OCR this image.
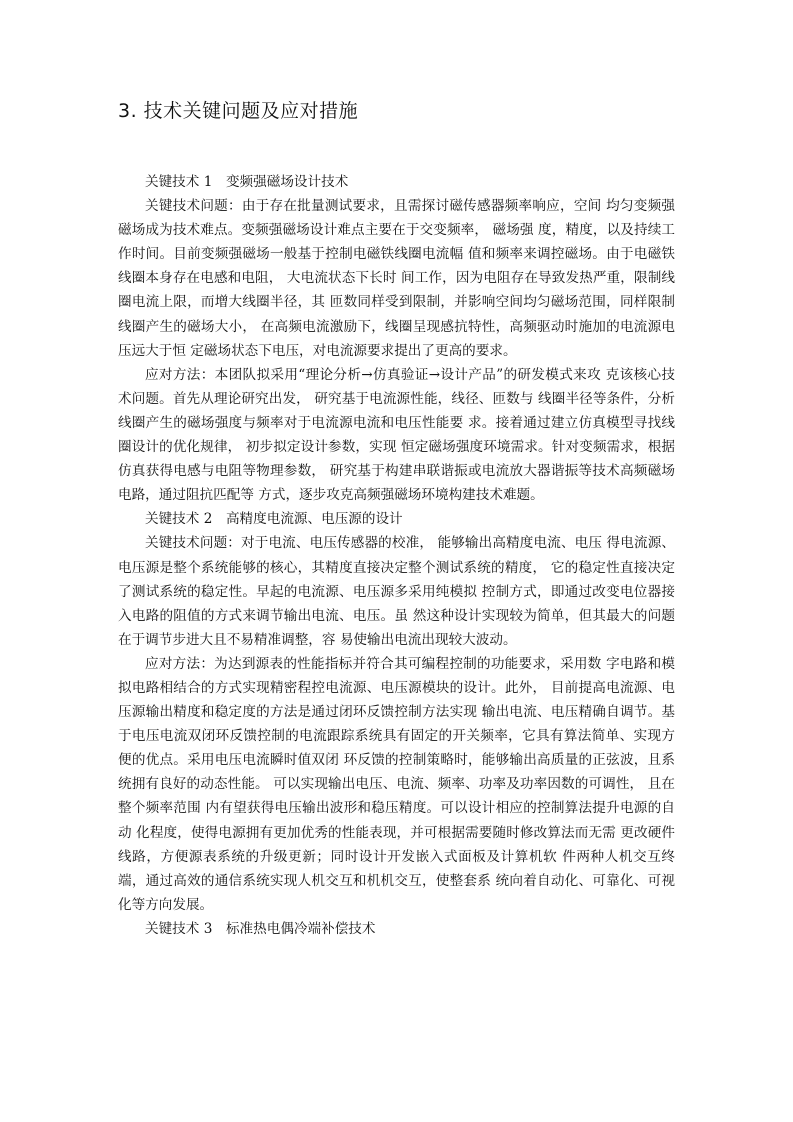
3. 技术关键问题及应对措施

关键技术 1　变频强磁场设计技术

关键技术问题：由于存在批量测试要求，且需探讨磁传感器频率响应，空间 均匀变频强磁场成为技术难点。变频强磁场设计难点主要在于交变频率， 磁场强 度，精度，以及持续工作时间。目前变频强磁场一般基于控制电磁铁线圈电流幅 值和频率来调控磁场。由于电磁铁线圈本身存在电感和电阻， 大电流状态下长时 间工作，因为电阻存在导致发热严重，限制线圈电流上限，而增大线圈半径，其 匝数同样受到限制，并影响空间均匀磁场范围，同样限制线圈产生的磁场大小， 在高频电流激励下，线圈呈现感抗特性，高频驱动时施加的电流源电压远大于恒 定磁场状态下电压，对电流源要求提出了更高的要求。

应对方法：本团队拟采用“理论分析→仿真验证→设计产品”的研发模式来攻 克该核心技术问题。首先从理论研究出发， 研究基于电流源性能，线径、匝数与 线圈半径等条件，分析线圈产生的磁场强度与频率对于电流源电流和电压性能要 求。接着通过建立仿真模型寻找线圈设计的优化规律， 初步拟定设计参数，实现 恒定磁场强度环境需求。针对变频需求，根据仿真获得电感与电阻等物理参数， 研究基于构建串联谐振或电流放大器谐振等技术高频磁场电路，通过阻抗匹配等 方式，逐步攻克高频强磁场环境构建技术难题。

关键技术 2　高精度电流源、电压源的设计

关键技术问题：对于电流、电压传感器的校准， 能够输出高精度电流、电压 得电流源、电压源是整个系统能够的核心，其精度直接决定整个测试系统的精度， 它的稳定性直接决定了测试系统的稳定性。早起的电流源、电压源多采用纯模拟 控制方式，即通过改变电位器接入电路的阻值的方式来调节输出电流、电压。虽 然这种设计实现较为简单，但其最大的问题在于调节步进大且不易精准调整，容 易使输出电流出现较大波动。

应对方法：为达到源表的性能指标并符合其可编程控制的功能要求，采用数 字电路和模拟电路相结合的方式实现精密程控电流源、电压源模块的设计。此外， 目前提高电流源、电压源输出精度和稳定度的方法是通过闭环反馈控制方法实现 输出电流、电压精确自调节。基于电压电流双闭环反馈控制的电流跟踪系统具有固定的开关频率，它具有算法简单、实现方便的优点。采用电压电流瞬时值双闭 环反馈的控制策略时，能够输出高质量的正弦波，且系统拥有良好的动态性能。 可以实现输出电压、电流、频率、功率及功率因数的可调性， 且在整个频率范围 内有望获得电压输出波形和稳压精度。可以设计相应的控制算法提升电源的自动 化程度，使得电源拥有更加优秀的性能表现，并可根据需要随时修改算法而无需 更改硬件线路，方便源表系统的升级更新；同时设计开发嵌入式面板及计算机软 件两种人机交互终端，通过高效的通信系统实现人机交互和机机交互，使整套系 统向着自动化、可靠化、可视化等方向发展。

关键技术 3　标准热电偶冷端补偿技术
